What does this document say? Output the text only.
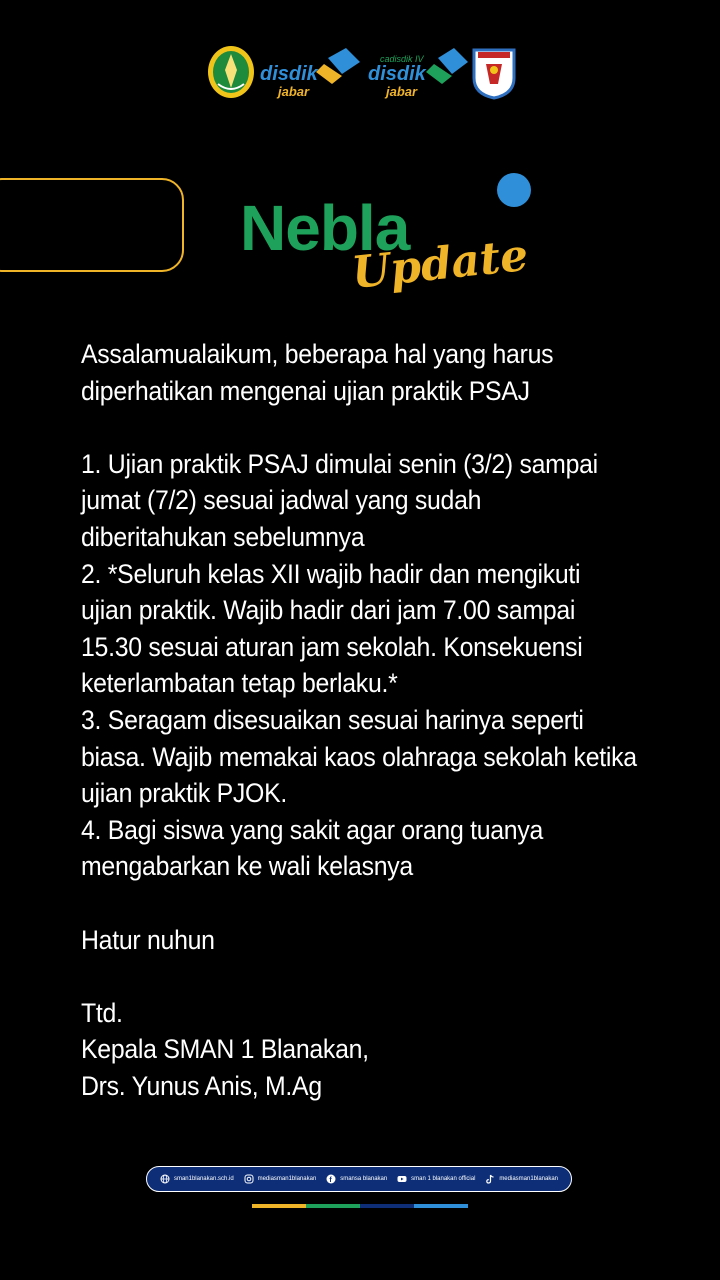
disdik
jabar
cadisdik IV
disdik
jabar
Nebla
Update

Assalamualaikum, beberapa hal yang harus
diperhatikan mengenai ujian praktik PSAJ

1. Ujian praktik PSAJ dimulai senin (3/2) sampai
jumat (7/2) sesuai jadwal yang sudah
diberitahukan sebelumnya

2. *Seluruh kelas XII wajib hadir dan mengikuti
ujian praktik. Wajib hadir dari jam 7.00 sampai
15.30 sesuai aturan jam sekolah. Konsekuensi
keterlambatan tetap berlaku.*

3. Seragam disesuaikan sesuai harinya seperti
biasa. Wajib memakai kaos olahraga sekolah ketika
ujian praktik PJOK.

4. Bagi siswa yang sakit agar orang tuanya
mengabarkan ke wali kelasnya

Hatur nuhun

Ttd.

Kepala SMAN 1 Blanakan,

Drs. Yunus Anis, M.Ag

sman1blanakan.sch.id	mediasman1blanakan f smansa blanakan	sman 1 blanakan official	mediasman1blanakan
